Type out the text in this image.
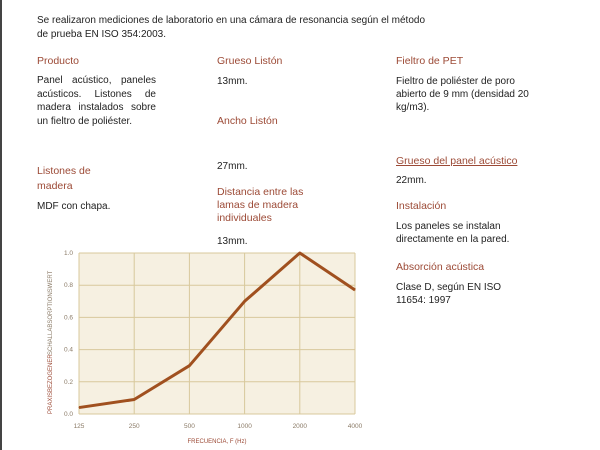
Se realizaron mediciones de laboratorio en una cámara de resonancia según el método
de prueba EN ISO 354:2003.
Producto
Panel acústico, paneles acústicos. Listones de madera instalados sobre un fieltro de poliéster.
Listones de
madera
MDF con chapa.
Grueso Listón
13mm.
Ancho Listón
27mm.
Distancia entre las
lamas de madera
individuales
13mm.
Fieltro de PET
Fieltro de poliéster de poro
abierto de 9 mm (densidad 20
kg/m3).
Grueso del panel acústico
22mm.
Instalación
Los paneles se instalan
directamente en la pared.
Absorción acústica
Clase D, según EN ISO
11654: 1997
0.0
0.2
0.4
0.6
0.8
1.0
125	250	500	1000	2000	4000
FRECUENCIA, F (Hz)
PRAXISBEZOGENER
SCHALLABSORPTIONSWERT
